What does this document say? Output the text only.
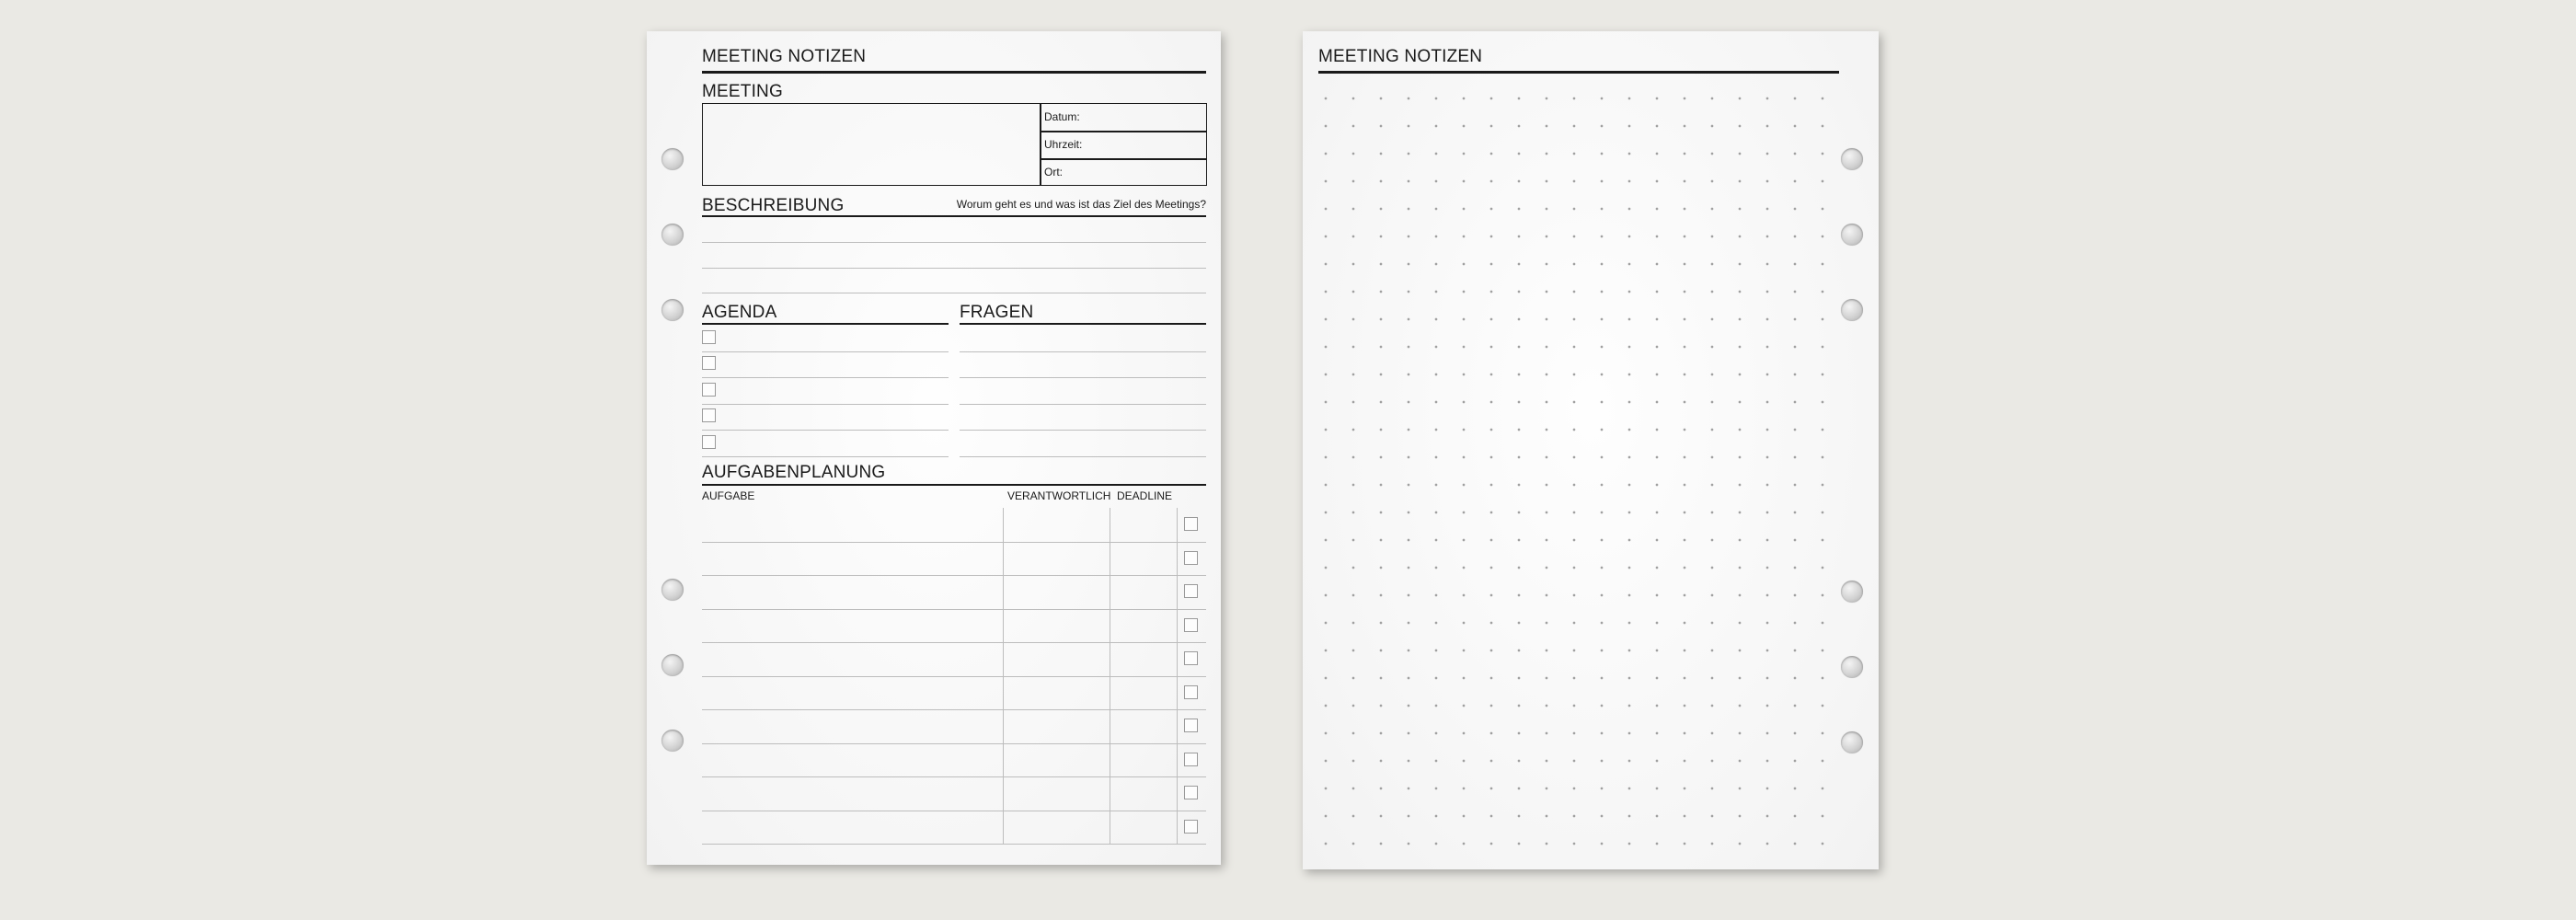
MEETING NOTIZEN
MEETING
Datum:
Uhrzeit:
Ort:
BESCHREIBUNG	Worum geht es und was ist das Ziel des Meetings?
AGENDA	FRAGEN
AUFGABENPLANUNG
AUFGABE	VERANTWORTLICH DEADLINE
MEETING NOTIZEN
